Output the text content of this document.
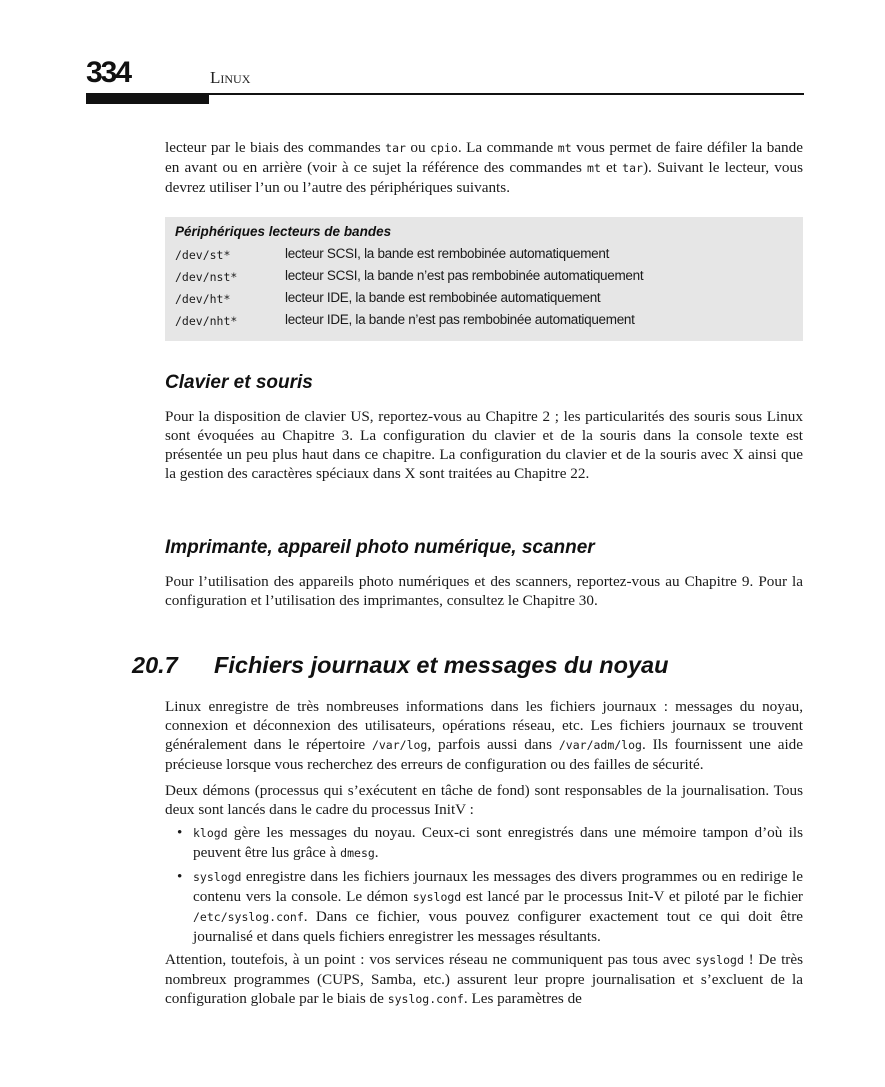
334	Linux

lecteur par le biais des commandes tar ou cpio. La commande mt vous permet de faire défiler la bande en avant ou en arrière (voir à ce sujet la référence des commandes mt et tar). Suivant le lecteur, vous devrez utiliser l’un ou l’autre des périphériques suivants.

Périphériques lecteurs de bandes
/dev/st*	lecteur SCSI, la bande est rembobinée automatiquement
/dev/nst*	lecteur SCSI, la bande n’est pas rembobinée automatiquement
/dev/ht*	lecteur IDE, la bande est rembobinée automatiquement
/dev/nht*	lecteur IDE, la bande n’est pas rembobinée automatiquement
Clavier et souris

Pour la disposition de clavier US, reportez-vous au Chapitre 2 ; les particularités des souris sous Linux sont évoquées au Chapitre 3. La configuration du clavier et de la souris dans la console texte est présentée un peu plus haut dans ce chapitre. La configuration du clavier et de la souris avec X ainsi que la gestion des caractères spéciaux dans X sont traitées au Chapitre 22.

Imprimante, appareil photo numérique, scanner

Pour l’utilisation des appareils photo numériques et des scanners, reportez-vous au Chapitre 9. Pour la configuration et l’utilisation des imprimantes, consultez le Chapitre 30.

20.7 Fichiers journaux et messages du noyau

Linux enregistre de très nombreuses informations dans les fichiers journaux : messages du noyau, connexion et déconnexion des utilisateurs, opérations réseau, etc. Les fichiers journaux se trouvent généralement dans le répertoire /var/log, parfois aussi dans /var/adm/log. Ils fournissent une aide précieuse lorsque vous recherchez des erreurs de configuration ou des failles de sécurité.

Deux démons (processus qui s’exécutent en tâche de fond) sont responsables de la journalisation. Tous deux sont lancés dans le cadre du processus InitV :

• klogd gère les messages du noyau. Ceux-ci sont enregistrés dans une mémoire tampon d’où ils peuvent être lus grâce à dmesg.
• syslogd enregistre dans les fichiers journaux les messages des divers programmes ou en redirige le contenu vers la console. Le démon syslogd est lancé par le processus Init-V et piloté par le fichier /etc/syslog.conf. Dans ce fichier, vous pouvez configurer exactement tout ce qui doit être journalisé et dans quels fichiers enregistrer les messages résultants.

Attention, toutefois, à un point : vos services réseau ne communiquent pas tous avec syslogd ! De très nombreux programmes (CUPS, Samba, etc.) assurent leur propre journalisation et s’excluent de la configuration globale par le biais de syslog.conf. Les paramètres de
